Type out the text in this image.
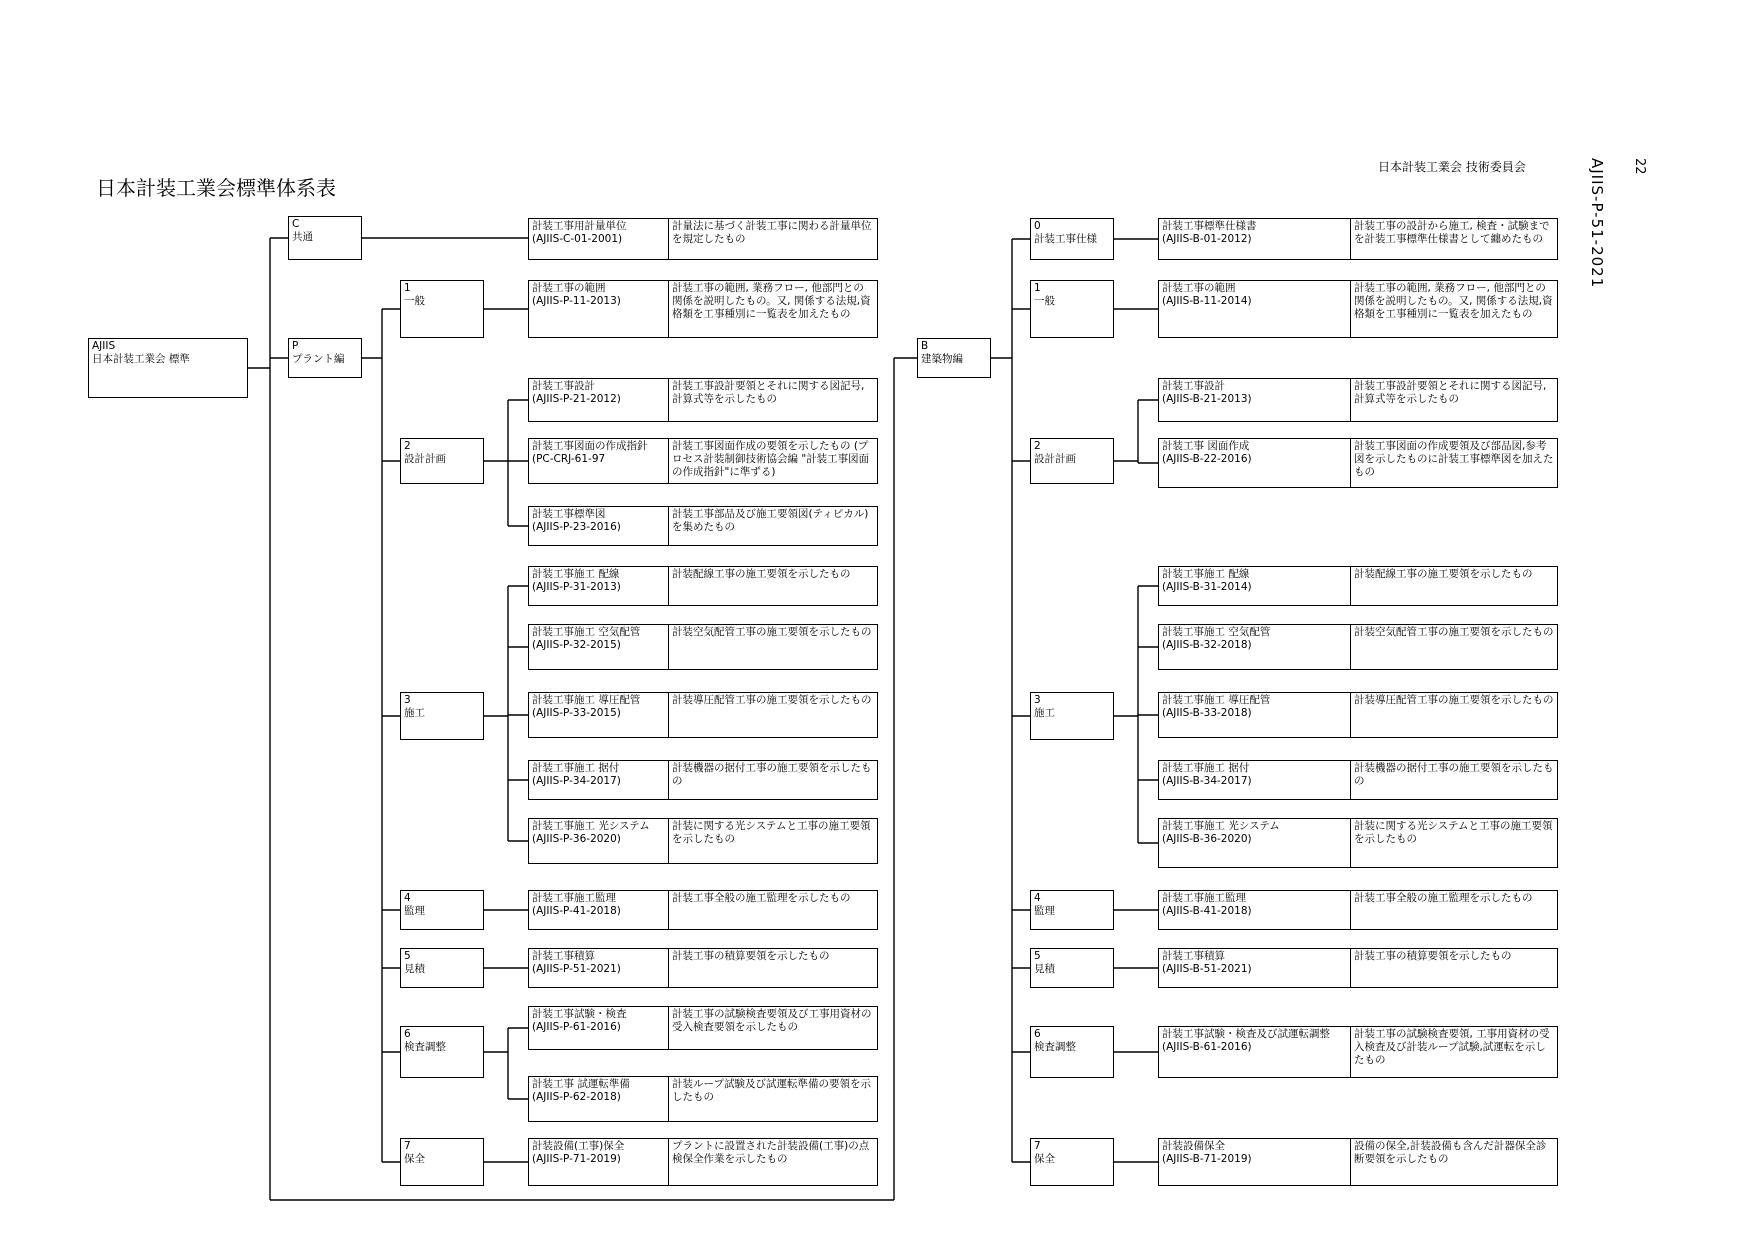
AJIIS
日本計装工業会 標準
C
共通
P
プラント編
B
建築物編
計装工事用計量単位
(AJIIS-C-01-2001)
計量法に基づく計装工事に関わる計量単位を規定したもの
1
一般
計装工事の範囲
(AJIIS-P-11-2013)
計装工事の範囲, 業務フロー, 他部門との関係を説明したもの。又, 関係する法規,資格類を工事種別に一覧表を加えたもの
2
設計計画
計装工事設計
(AJIIS-P-21-2012)
計装工事設計要領とそれに関する図記号,計算式等を示したもの
計装工事図面の作成指針
(PC-CRJ-61-97
計装工事図面作成の要領を示したもの (プロセス計装制御技術協会編 "計装工事図面の作成指針"に準ずる)
計装工事標準図
(AJIIS-P-23-2016)
計装工事部品及び施工要領図(ティピカル)を集めたもの
3
施工
計装工事施工 配線
(AJIIS-P-31-2013)
計装配線工事の施工要領を示したもの
計装工事施工 空気配管
(AJIIS-P-32-2015)
計装空気配管工事の施工要領を示したもの
計装工事施工 導圧配管
(AJIIS-P-33-2015)
計装導圧配管工事の施工要領を示したもの
計装工事施工 据付
(AJIIS-P-34-2017)
計装機器の据付工事の施工要領を示したもの
計装工事施工 光システム
(AJIIS-P-36-2020)
計装に関する光システムと工事の施工要領を示したもの
4
監理
計装工事施工監理
(AJIIS-P-41-2018)
計装工事全般の施工監理を示したもの
5
見積
計装工事積算
(AJIIS-P-51-2021)
計装工事の積算要領を示したもの
6
検査調整
計装工事試験・検査
(AJIIS-P-61-2016)
計装工事の試験検査要領及び工事用資材の受入検査要領を示したもの
計装工事 試運転準備
(AJIIS-P-62-2018)
計装ループ試験及び試運転準備の要領を示したもの
7
保全
計装設備(工事)保全
(AJIIS-P-71-2019)
プラントに設置された計装設備(工事)の点検保全作業を示したもの
0
計装工事仕様
計装工事標準仕様書
(AJIIS-B-01-2012)
計装工事の設計から施工, 検査・試験までを計装工事標準仕様書として纏めたもの
1
一般
計装工事の範囲
(AJIIS-B-11-2014)
計装工事の範囲, 業務フロー, 他部門との関係を説明したもの。又, 関係する法規,資格類を工事種別に一覧表を加えたもの
2
設計計画
計装工事設計
(AJIIS-B-21-2013)
計装工事設計要領とそれに関する図記号, 計算式等を示したもの
計装工事 図面作成
(AJIIS-B-22-2016)
計装工事図面の作成要領及び部品図,参考図を示したものに計装工事標準図を加えたもの
3
施工
計装工事施工 配線
(AJIIS-B-31-2014)
計装配線工事の施工要領を示したもの
計装工事施工 空気配管
(AJIIS-B-32-2018)
計装空気配管工事の施工要領を示したもの
計装工事施工 導圧配管
(AJIIS-B-33-2018)
計装導圧配管工事の施工要領を示したもの
計装工事施工 据付
(AJIIS-B-34-2017)
計装機器の据付工事の施工要領を示したもの
計装工事施工 光システム
(AJIIS-B-36-2020)
計装に関する光システムと工事の施工要領を示したもの
4
監理
計装工事施工監理
(AJIIS-B-41-2018)
計装工事全般の施工監理を示したもの
5
見積
計装工事積算
(AJIIS-B-51-2021)
計装工事の積算要領を示したもの
6
検査調整
計装工事試験・検査及び試運転調整
(AJIIS-B-61-2016)
計装工事の試験検査要領, 工事用資材の受入検査及び計装ループ試験,試運転を示したもの
7
保全
計装設備保全
(AJIIS-B-71-2019)
設備の保全,計装設備も含んだ計器保全診断要領を示したもの
日本計装工業会標準体系表
日本計装工業会 技術委員会	22
AJIIS-P-51-2021
